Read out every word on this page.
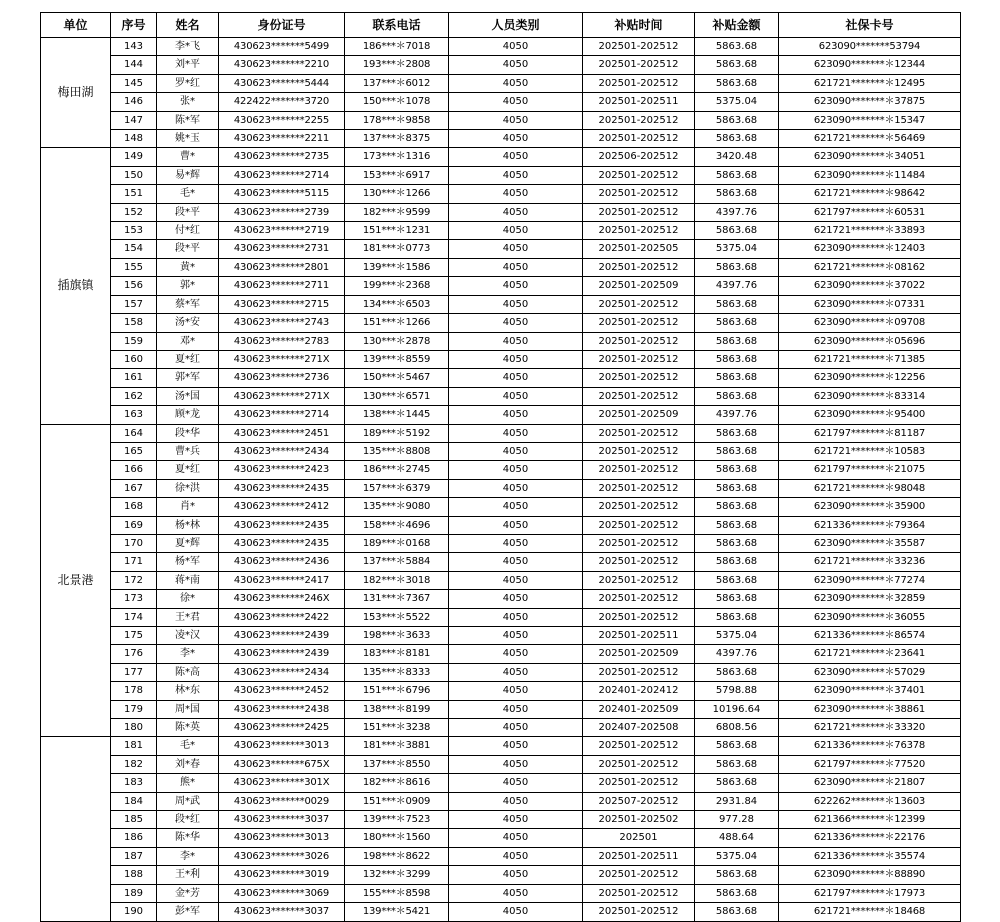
单位	序号	姓名	身份证号	联系电话	人员类别	补贴时间	补贴金额	社保卡号
梅田湖	143	李*飞	430623*******5499	186***＊7018	4050	202501-202512	5863.68	623090*******53794
	144	刘*平	430623*******2210	193***＊2808	4050	202501-202512	5863.68	623090*******＊12344
	145	罗*红	430623*******5444	137***＊6012	4050	202501-202512	5863.68	621721*******＊12495
	146	张*	422422*******3720	150***＊1078	4050	202501-202511	5375.04	623090*******＊37875
	147	陈*军	430623*******2255	178***＊9858	4050	202501-202512	5863.68	623090*******＊15347
	148	姚*玉	430623*******2211	137***＊8375	4050	202501-202512	5863.68	621721*******＊56469
插旗镇	149	曹*	430623*******2735	173***＊1316	4050	202506-202512	3420.48	623090*******＊34051
	150	易*辉	430623*******2714	153***＊6917	4050	202501-202512	5863.68	623090*******＊11484
	151	毛*	430623*******5115	130***＊1266	4050	202501-202512	5863.68	621721*******＊98642
	152	段*平	430623*******2739	182***＊9599	4050	202501-202512	4397.76	621797*******＊60531
	153	付*红	430623*******2719	151***＊1231	4050	202501-202512	5863.68	621721*******＊33893
	154	段*平	430623*******2731	181***＊0773	4050	202501-202505	5375.04	623090*******＊12403
	155	黄*	430623*******2801	139***＊1586	4050	202501-202512	5863.68	621721*******＊08162
	156	郭*	430623*******2711	199***＊2368	4050	202501-202509	4397.76	623090*******＊37022
	157	蔡*军	430623*******2715	134***＊6503	4050	202501-202512	5863.68	623090*******＊07331
	158	汤*安	430623*******2743	151***＊1266	4050	202501-202512	5863.68	623090*******＊09708
	159	邓*	430623*******2783	130***＊2878	4050	202501-202512	5863.68	623090*******＊05696
	160	夏*红	430623*******271X	139***＊8559	4050	202501-202512	5863.68	621721*******＊71385
	161	郭*军	430623*******2736	150***＊5467	4050	202501-202512	5863.68	623090*******＊12256
	162	汤*国	430623*******271X	130***＊6571	4050	202501-202512	5863.68	623090*******＊83314
	163	顾*龙	430623*******2714	138***＊1445	4050	202501-202509	4397.76	623090*******＊95400
北景港	164	段*华	430623*******2451	189***＊5192	4050	202501-202512	5863.68	621797*******＊81187
	165	曹*兵	430623*******2434	135***＊8808	4050	202501-202512	5863.68	621721*******＊10583
	166	夏*红	430623*******2423	186***＊2745	4050	202501-202512	5863.68	621797*******＊21075
	167	徐*洪	430623*******2435	157***＊6379	4050	202501-202512	5863.68	621721*******＊98048
	168	肖*	430623*******2412	135***＊9080	4050	202501-202512	5863.68	623090*******＊35900
	169	杨*林	430623*******2435	158***＊4696	4050	202501-202512	5863.68	621336*******＊79364
	170	夏*辉	430623*******2435	189***＊0168	4050	202501-202512	5863.68	623090*******＊35587
	171	杨*军	430623*******2436	137***＊5884	4050	202501-202512	5863.68	621721*******＊33236
	172	蒋*南	430623*******2417	182***＊3018	4050	202501-202512	5863.68	623090*******＊77274
	173	徐*	430623*******246X	131***＊7367	4050	202501-202512	5863.68	623090*******＊32859
	174	王*君	430623*******2422	153***＊5522	4050	202501-202512	5863.68	623090*******＊36055
	175	凌*汉	430623*******2439	198***＊3633	4050	202501-202511	5375.04	621336*******＊86574
	176	李*	430623*******2439	183***＊8181	4050	202501-202509	4397.76	621721*******＊23641
	177	陈*高	430623*******2434	135***＊8333	4050	202501-202512	5863.68	623090*******＊57029
	178	林*东	430623*******2452	151***＊6796	4050	202401-202412	5798.88	623090*******＊37401
	179	周*国	430623*******2438	138***＊8199	4050	202401-202509	10196.64	623090*******＊38861
	180	陈*英	430623*******2425	151***＊3238	4050	202407-202508	6808.56	621721*******＊33320
	181	毛*	430623*******3013	181***＊3881	4050	202501-202512	5863.68	621336*******＊76378
	182	刘*春	430623*******675X	137***＊8550	4050	202501-202512	5863.68	621797*******＊77520
	183	熊*	430623*******301X	182***＊8616	4050	202501-202512	5863.68	623090*******＊21807
	184	周*武	430623*******0029	151***＊0909	4050	202507-202512	2931.84	622262*******＊13603
	185	段*红	430623*******3037	139***＊7523	4050	202501-202502	977.28	621366*******＊12399
	186	陈*华	430623*******3013	180***＊1560	4050	202501	488.64	621336*******＊22176
	187	李*	430623*******3026	198***＊8622	4050	202501-202511	5375.04	621336*******＊35574
	188	王*利	430623*******3019	132***＊3299	4050	202501-202512	5863.68	623090*******＊88890
	189	金*芳	430623*******3069	155***＊8598	4050	202501-202512	5863.68	621797*******＊17973
	190	彭*军	430623*******3037	139***＊5421	4050	202501-202512	5863.68	621721*******＊18468
